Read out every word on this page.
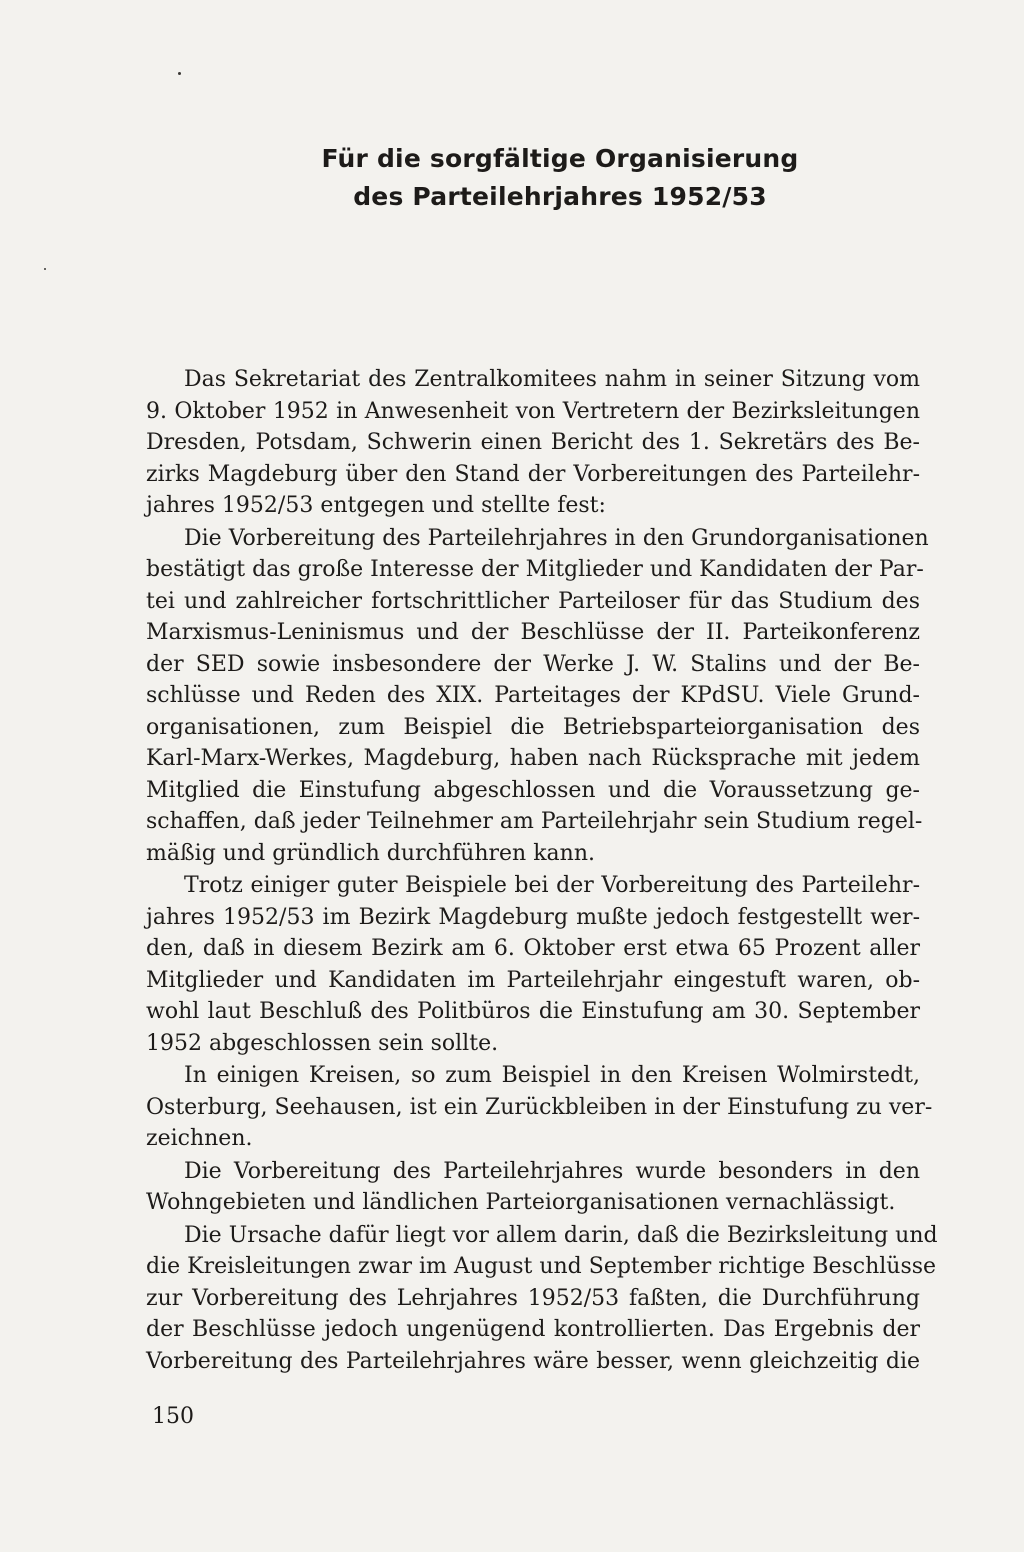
Für die sorgfältige Organisierung
des Parteilehrjahres 1952/53

Das Sekretariat des Zentralkomitees nahm in seiner Sitzung vom
9. Oktober 1952 in Anwesenheit von Vertretern der Bezirksleitungen
Dresden, Potsdam, Schwerin einen Bericht des 1. Sekretärs des Be-
zirks Magdeburg über den Stand der Vorbereitungen des Parteilehr-
jahres 1952/53 entgegen und stellte fest:

Die Vorbereitung des Parteilehrjahres in den Grundorganisationen
bestätigt das große Interesse der Mitglieder und Kandidaten der Par-
tei und zahlreicher fortschrittlicher Parteiloser für das Studium des
Marxismus-Leninismus und der Beschlüsse der II. Parteikonferenz
der SED sowie insbesondere der Werke J. W. Stalins und der Be-
schlüsse und Reden des XIX. Parteitages der KPdSU. Viele Grund-
organisationen, zum Beispiel die Betriebsparteiorganisation des
Karl-Marx-Werkes, Magdeburg, haben nach Rücksprache mit jedem
Mitglied die Einstufung abgeschlossen und die Voraussetzung ge-
schaffen, daß jeder Teilnehmer am Parteilehrjahr sein Studium regel-
mäßig und gründlich durchführen kann.

Trotz einiger guter Beispiele bei der Vorbereitung des Parteilehr-
jahres 1952/53 im Bezirk Magdeburg mußte jedoch festgestellt wer-
den, daß in diesem Bezirk am 6. Oktober erst etwa 65 Prozent aller
Mitglieder und Kandidaten im Parteilehrjahr eingestuft waren, ob-
wohl laut Beschluß des Politbüros die Einstufung am 30. September
1952 abgeschlossen sein sollte.

In einigen Kreisen, so zum Beispiel in den Kreisen Wolmirstedt,
Osterburg, Seehausen, ist ein Zurückbleiben in der Einstufung zu ver-
zeichnen.

Die Vorbereitung des Parteilehrjahres wurde besonders in den
Wohngebieten und ländlichen Parteiorganisationen vernachlässigt.

Die Ursache dafür liegt vor allem darin, daß die Bezirksleitung und
die Kreisleitungen zwar im August und September richtige Beschlüsse
zur Vorbereitung des Lehrjahres 1952/53 faßten, die Durchführung
der Beschlüsse jedoch ungenügend kontrollierten. Das Ergebnis der
Vorbereitung des Parteilehrjahres wäre besser, wenn gleichzeitig die

150
